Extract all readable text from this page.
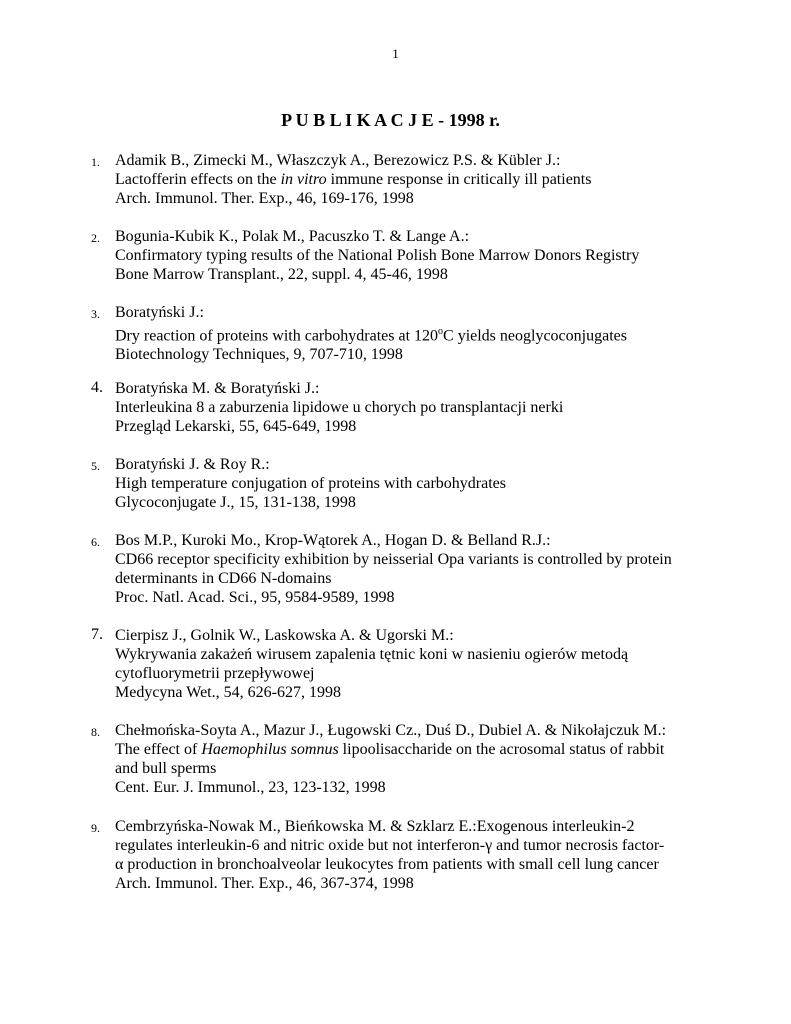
1
P U B L I K A C J E - 1998 r.
1. Adamik B., Zimecki M., Właszczyk A., Berezowicz P.S. & Kübler J.:
Lactofferin effects on the in vitro immune response in critically ill patients
Arch. Immunol. Ther. Exp., 46, 169-176, 1998
2. Bogunia-Kubik K., Polak M., Pacuszko T. & Lange A.:
Confirmatory typing results of the National Polish Bone Marrow Donors Registry
Bone Marrow Transplant., 22, suppl. 4, 45-46, 1998
3. Boratyński J.:
Dry reaction of proteins with carbohydrates at 120$^o$C yields neoglycoconjugates
Biotechnology Techniques, 9, 707-710, 1998
4. Boratyńska M. & Boratyński J.:
Interleukina 8 a zaburzenia lipidowe u chorych po transplantacji nerki
Przegląd Lekarski, 55, 645-649, 1998
5. Boratyński J. & Roy R.:
High temperature conjugation of proteins with carbohydrates
Glycoconjugate J., 15, 131-138, 1998
6. Bos M.P., Kuroki Mo., Krop-Wątorek A., Hogan D. & Belland R.J.:
CD66 receptor specificity exhibition by neisserial Opa variants is controlled by protein
determinants in CD66 N-domains
Proc. Natl. Acad. Sci., 95, 9584-9589, 1998
7. Cierpisz J., Golnik W., Laskowska A. & Ugorski M.:
Wykrywania zakażeń wirusem zapalenia tętnic koni w nasieniu ogierów metodą
cytofluorymetrii przepływowej
Medycyna Wet., 54, 626-627, 1998
8. Chełmońska-Soyta A., Mazur J., Ługowski Cz., Duś D., Dubiel A. & Nikołajczuk M.:
The effect of Haemophilus somnus lipoolisaccharide on the acrosomal status of rabbit
and bull sperms
Cent. Eur. J. Immunol., 23, 123-132, 1998
9. Cembrzyńska-Nowak M., Bieńkowska M. & Szklarz E.:Exogenous interleukin-2
regulates interleukin-6 and nitric oxide but not interferon-γ and tumor necrosis factor-
α production in bronchoalveolar leukocytes from patients with small cell lung cancer
Arch. Immunol. Ther. Exp., 46, 367-374, 1998
